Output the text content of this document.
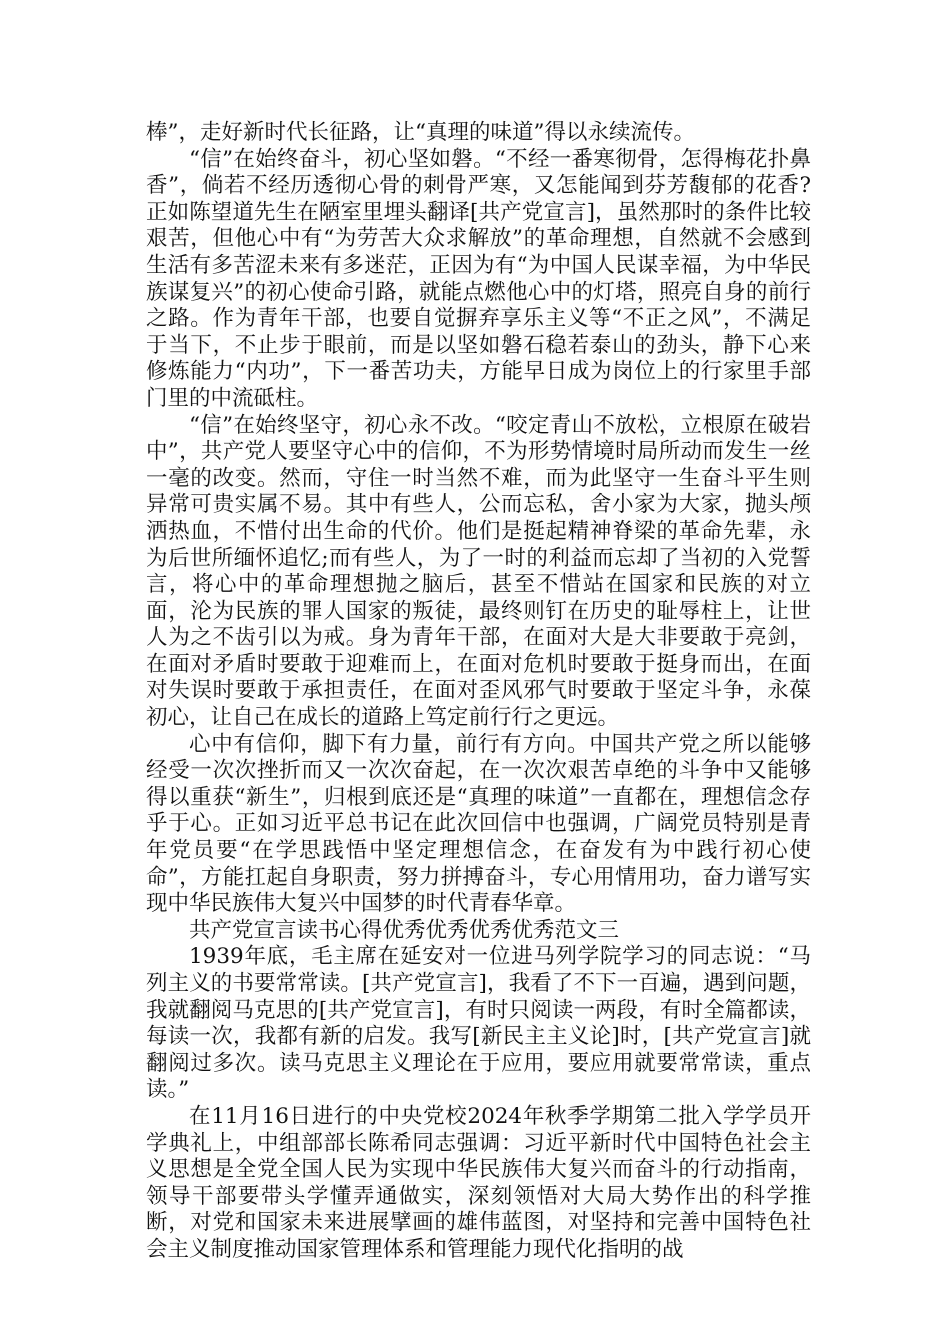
棒”，走好新时代长征路，让“真理的味道”得以永续流传。

“信”在始终奋斗，初心坚如磐。“不经一番寒彻骨，怎得梅花扑鼻香”，倘若不经历透彻心骨的刺骨严寒，又怎能闻到芬芳馥郁的花香?正如陈望道先生在陋室里埋头翻译[共产党宣言]，虽然那时的条件比较艰苦，但他心中有“为劳苦大众求解放”的革命理想，自然就不会感到生活有多苦涩未来有多迷茫，正因为有“为中国人民谋幸福，为中华民族谋复兴”的初心使命引路，就能点燃他心中的灯塔，照亮自身的前行之路。作为青年干部，也要自觉摒弃享乐主义等“不正之风”，不满足于当下，不止步于眼前，而是以坚如磐石稳若泰山的劲头，静下心来修炼能力“内功”，下一番苦功夫，方能早日成为岗位上的行家里手部门里的中流砥柱。

“信”在始终坚守，初心永不改。“咬定青山不放松，立根原在破岩中”，共产党人要坚守心中的信仰，不为形势情境时局所动而发生一丝一毫的改变。然而，守住一时当然不难，而为此坚守一生奋斗平生则异常可贵实属不易。其中有些人，公而忘私，舍小家为大家，抛头颅洒热血，不惜付出生命的代价。他们是挺起精神脊梁的革命先辈，永为后世所缅怀追忆;而有些人，为了一时的利益而忘却了当初的入党誓言，将心中的革命理想抛之脑后，甚至不惜站在国家和民族的对立面，沦为民族的罪人国家的叛徒，最终则钉在历史的耻辱柱上，让世人为之不齿引以为戒。身为青年干部，在面对大是大非要敢于亮剑，在面对矛盾时要敢于迎难而上，在面对危机时要敢于挺身而出，在面对失误时要敢于承担责任，在面对歪风邪气时要敢于坚定斗争，永葆初心，让自己在成长的道路上笃定前行行之更远。

心中有信仰，脚下有力量，前行有方向。中国共产党之所以能够经受一次次挫折而又一次次奋起，在一次次艰苦卓绝的斗争中又能够得以重获“新生”，归根到底还是“真理的味道”一直都在，理想信念存乎于心。正如习近平总书记在此次回信中也强调，广阔党员特别是青年党员要“在学思践悟中坚定理想信念，在奋发有为中践行初心使命”，方能扛起自身职责，努力拼搏奋斗，专心用情用功，奋力谱写实现中华民族伟大复兴中国梦的时代青春华章。

共产党宣言读书心得优秀优秀优秀优秀范文三

1939年底，毛主席在延安对一位进马列学院学习的同志说：“马列主义的书要常常读。[共产党宣言]，我看了不下一百遍，遇到问题，我就翻阅马克思的[共产党宣言]，有时只阅读一两段，有时全篇都读，每读一次，我都有新的启发。我写[新民主主义论]时，[共产党宣言]就翻阅过多次。读马克思主义理论在于应用，要应用就要常常读，重点读。”

在11月16日进行的中央党校2024年秋季学期第二批入学学员开学典礼上，中组部部长陈希同志强调：习近平新时代中国特色社会主义思想是全党全国人民为实现中华民族伟大复兴而奋斗的行动指南，领导干部要带头学懂弄通做实，深刻领悟对大局大势作出的科学推断，对党和国家未来进展擘画的雄伟蓝图，对坚持和完善中国特色社会主义制度推动国家管理体系和管理能力现代化指明的战
